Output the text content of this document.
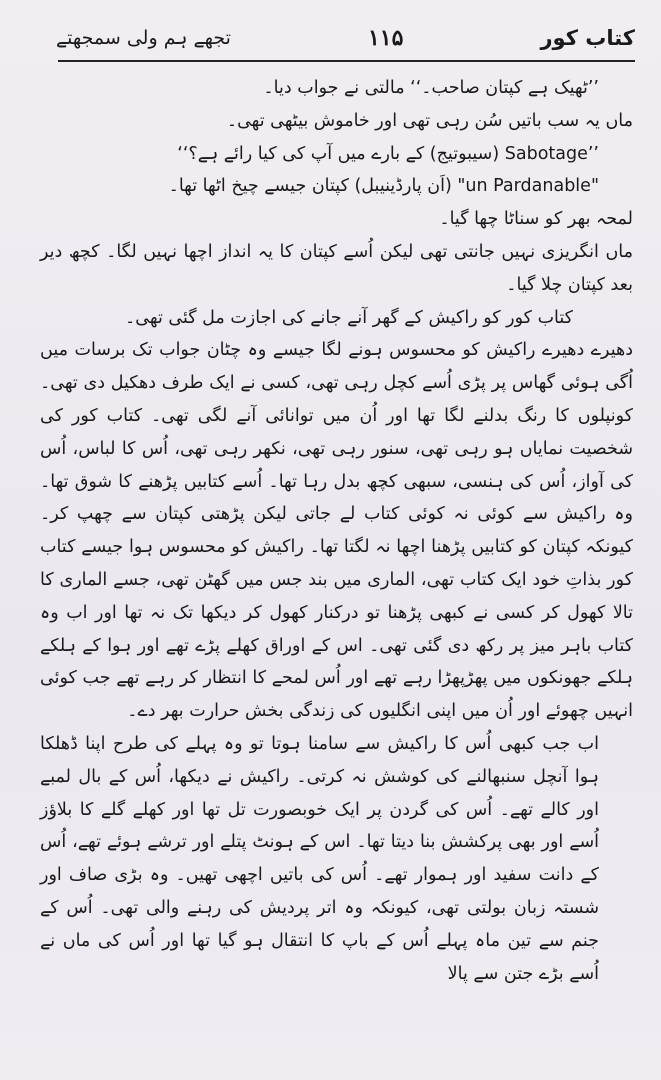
کتاب کور
۱۱۵
تجھے ہم ولی سمجھتے

’’ٹھیک ہے کپتان صاحب۔‘‘ مالتی نے جواب دیا۔

ماں یہ سب باتیں سُن رہی تھی اور خاموش بیٹھی تھی۔

’’Sabotage (سیبوتیج) کے بارے میں آپ کی کیا رائے ہے؟‘‘

"un Pardanable" (اَن پارڈینیبل) کپتان جیسے چیخ اٹھا تھا۔

لمحہ بھر کو سناٹا چھا گیا۔

ماں انگریزی نہیں جانتی تھی لیکن اُسے کپتان کا یہ انداز اچھا نہیں لگا۔ کچھ دیر بعد کپتان چلا گیا۔

کتاب کور کو راکیش کے گھر آنے جانے کی اجازت مل گئی تھی۔

دھیرے دھیرے راکیش کو محسوس ہونے لگا جیسے وہ چٹان جواب تک برسات میں اُگی ہوئی گھاس پر پڑی اُسے کچل رہی تھی، کسی نے ایک طرف دھکیل دی تھی۔ کونپلوں کا رنگ بدلنے لگا تھا اور اُن میں توانائی آنے لگی تھی۔ کتاب کور کی شخصیت نمایاں ہو رہی تھی، سنور رہی تھی، نکھر رہی تھی، اُس کا لباس، اُس کی آواز، اُس کی ہنسی، سبھی کچھ بدل رہا تھا۔ اُسے کتابیں پڑھنے کا شوق تھا۔ وہ راکیش سے کوئی نہ کوئی کتاب لے جاتی لیکن پڑھتی کپتان سے چھپ کر۔ کیونکہ کپتان کو کتابیں پڑھنا اچھا نہ لگتا تھا۔ راکیش کو محسوس ہوا جیسے کتاب کور بذاتِ خود ایک کتاب تھی، الماری میں بند جس میں گھٹن تھی، جسے الماری کا تالا کھول کر کسی نے کبھی پڑھنا تو درکنار کھول کر دیکھا تک نہ تھا اور اب وہ کتاب باہر میز پر رکھ دی گئی تھی۔ اس کے اوراق کھلے پڑے تھے اور ہوا کے ہلکے ہلکے جھونکوں میں پھڑپھڑا رہے تھے اور اُس لمحے کا انتظار کر رہے تھے جب کوئی انہیں چھوئے اور اُن میں اپنی انگلیوں کی زندگی بخش حرارت بھر دے۔

اب جب کبھی اُس کا راکیش سے سامنا ہوتا تو وہ پہلے کی طرح اپنا ڈھلکا ہوا آنچل سنبھالنے کی کوشش نہ کرتی۔ راکیش نے دیکھا، اُس کے بال لمبے اور کالے تھے۔ اُس کی گردن پر ایک خوبصورت تل تھا اور کھلے گلے کا بلاؤز اُسے اور بھی پرکشش بنا دیتا تھا۔ اس کے ہونٹ پتلے اور ترشے ہوئے تھے، اُس کے دانت سفید اور ہموار تھے۔ اُس کی باتیں اچھی تھیں۔ وہ بڑی صاف اور شستہ زبان بولتی تھی، کیونکہ وہ اتر پردیش کی رہنے والی تھی۔ اُس کے جنم سے تین ماہ پہلے اُس کے باپ کا انتقال ہو گیا تھا اور اُس کی ماں نے اُسے بڑے جتن سے پالا
